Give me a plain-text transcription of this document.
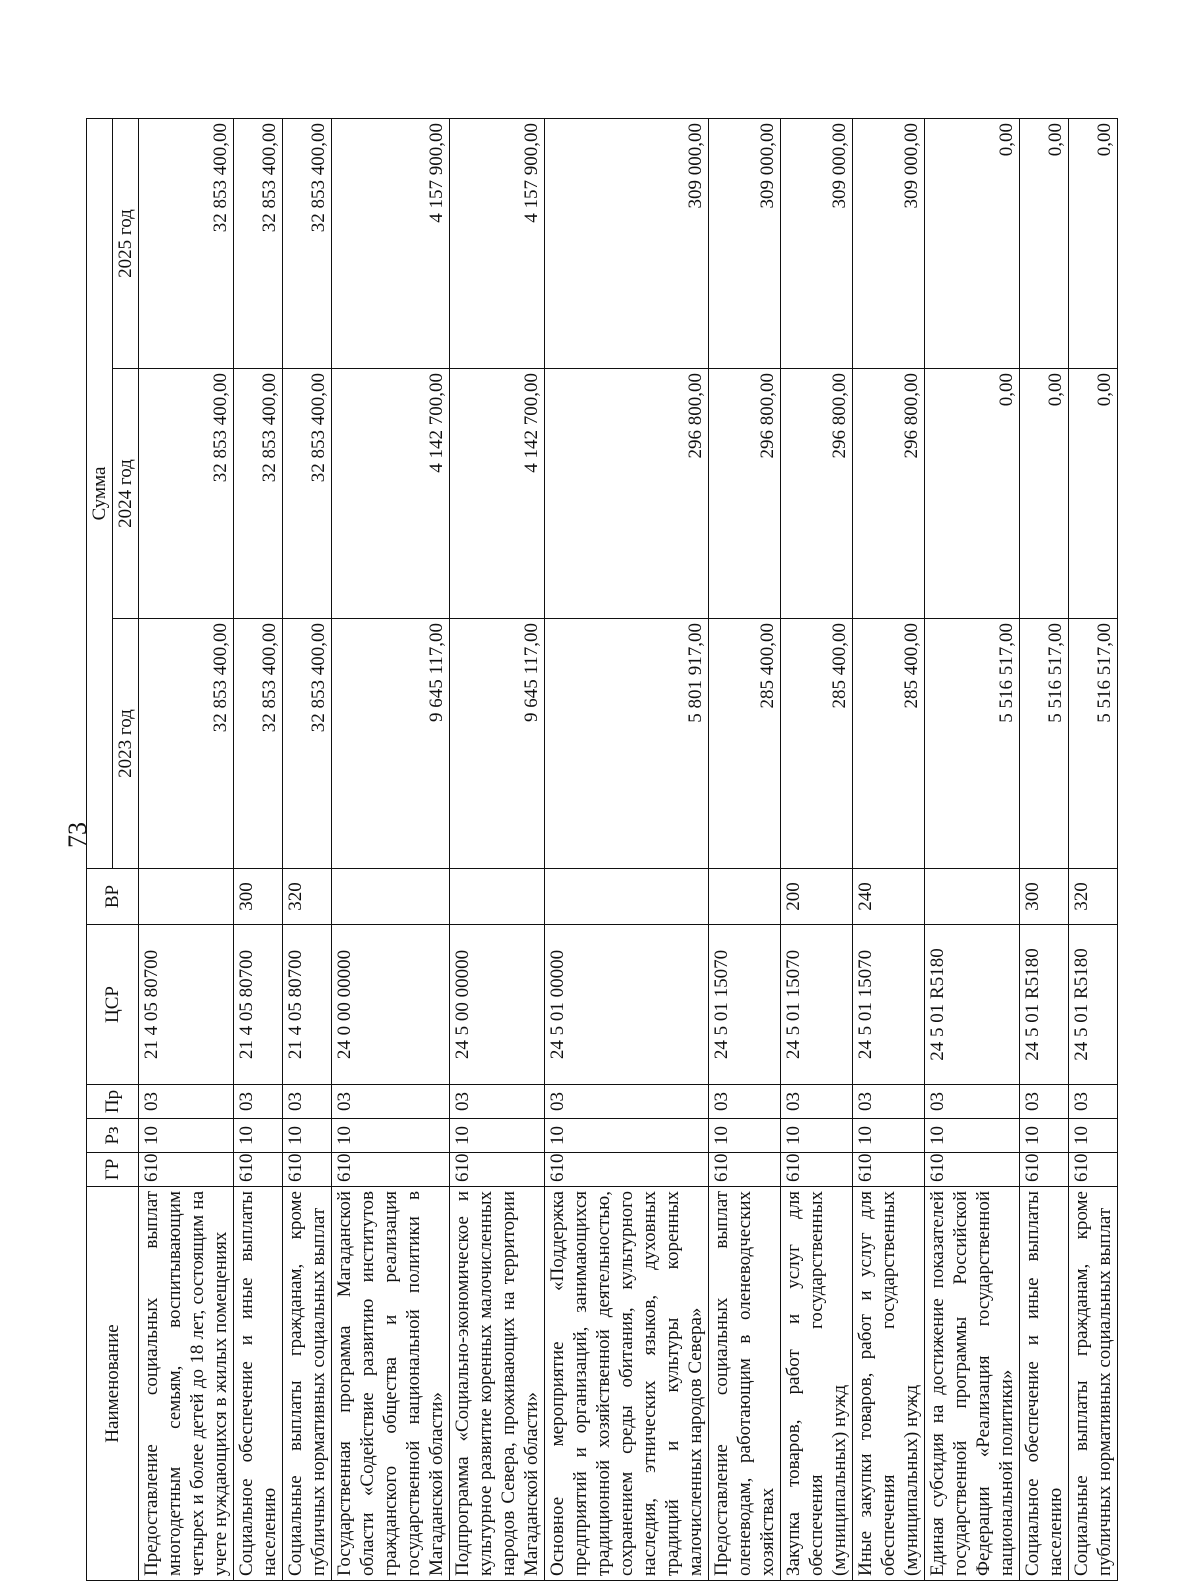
73
Наименование	ГР	Рз	Пр	ЦСР	ВР	Сумма		
						2023 год	2024 год	2025 год
Предоставление социальных выплат многодетным семьям, воспитывающим четырех и более детей до 18 лет, состоящим на учете нуждающихся в жилых помещениях	610	10	03	21 4 05 80700		32 853 400,00	32 853 400,00	32 853 400,00
Социальное обеспечение и иные выплаты населению	610	10	03	21 4 05 80700	300	32 853 400,00	32 853 400,00	32 853 400,00
Социальные выплаты гражданам, кроме публичных нормативных социальных выплат	610	10	03	21 4 05 80700	320	32 853 400,00	32 853 400,00	32 853 400,00
Государственная программа Магаданской области «Содействие развитию институтов гражданского общества и реализация государственной национальной политики в Магаданской области»	610	10	03	24 0 00 00000		9 645 117,00	4 142 700,00	4 157 900,00
Подпрограмма «Социально-экономическое и культурное развитие коренных малочисленных народов Севера, проживающих на территории Магаданской области»	610	10	03	24 5 00 00000		9 645 117,00	4 142 700,00	4 157 900,00
Основное мероприятие «Поддержка предприятий и организаций, занимающихся традиционной хозяйственной деятельностью, сохранением среды обитания, культурного наследия, этнических языков, духовных традиций и культуры коренных малочисленных народов Севера»	610	10	03	24 5 01 00000		5 801 917,00	296 800,00	309 000,00
Предоставление социальных выплат оленеводам, работающим в оленеводческих хозяйствах	610	10	03	24 5 01 15070		285 400,00	296 800,00	309 000,00
Закупка товаров, работ и услуг для обеспечения государственных (муниципальных) нужд	610	10	03	24 5 01 15070	200	285 400,00	296 800,00	309 000,00
Иные закупки товаров, работ и услуг для обеспечения государственных (муниципальных) нужд	610	10	03	24 5 01 15070	240	285 400,00	296 800,00	309 000,00
Единая субсидия на достижение показателей государственной программы Российской Федерации «Реализация государственной национальной политики»	610	10	03	24 5 01 R5180		5 516 517,00	0,00	0,00
Социальное обеспечение и иные выплаты населению	610	10	03	24 5 01 R5180	300	5 516 517,00	0,00	0,00
Социальные выплаты гражданам, кроме публичных нормативных социальных выплат	610	10	03	24 5 01 R5180	320	5 516 517,00	0,00	0,00
